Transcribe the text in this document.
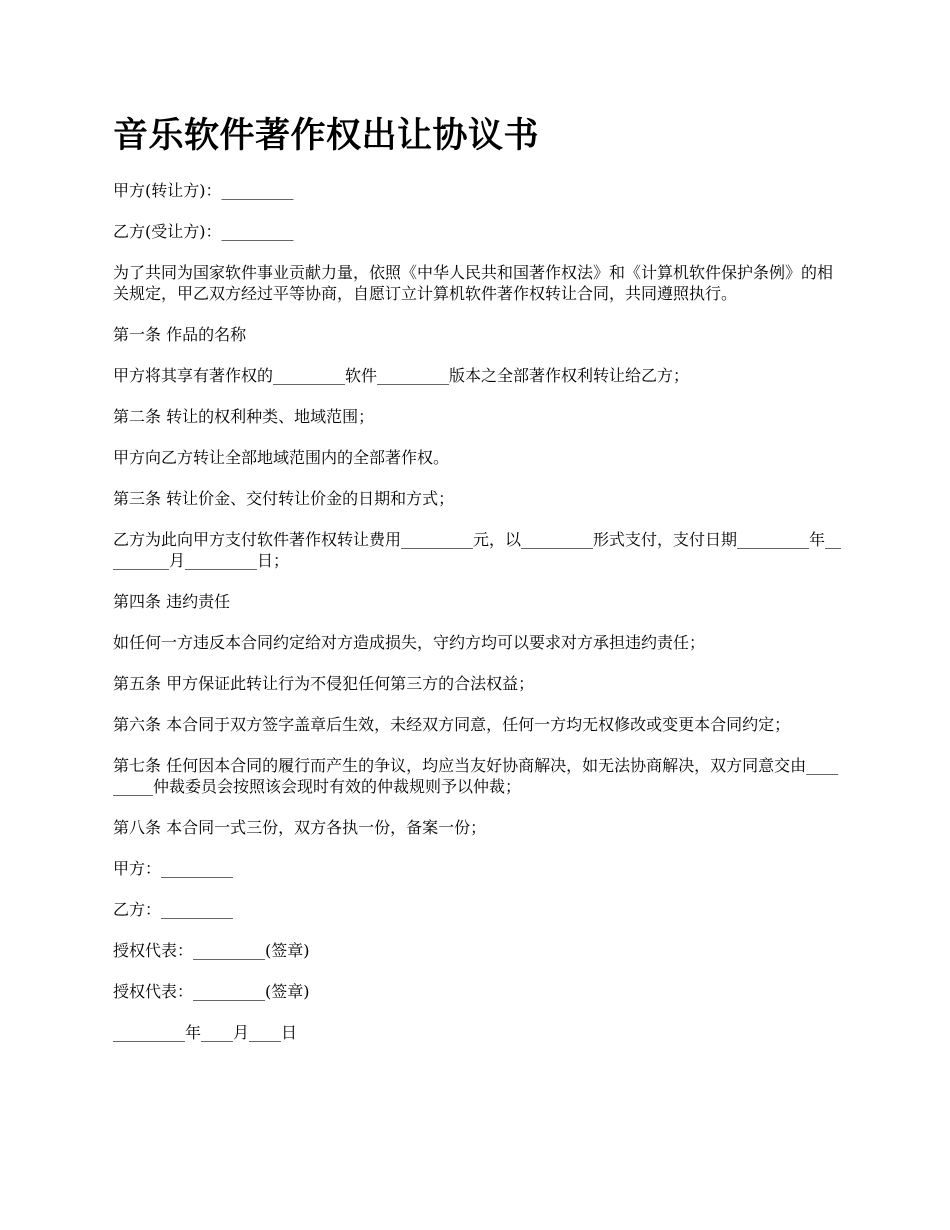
音乐软件著作权出让协议书

甲方(转让方)：_________

乙方(受让方)：_________

为了共同为国家软件事业贡献力量，依照《中华人民共和国著作权法》和《计算机软件保护条例》的相关规定，甲乙双方经过平等协商，自愿订立计算机软件著作权转让合同，共同遵照执行。

第一条 作品的名称

甲方将其享有著作权的_________软件_________版本之全部著作权利转让给乙方；

第二条 转让的权利种类、地域范围；

甲方向乙方转让全部地域范围内的全部著作权。

第三条 转让价金、交付转让价金的日期和方式；

乙方为此向甲方支付软件著作权转让费用_________元，以_________形式支付，支付日期_________年_________月_________日；

第四条 违约责任

如任何一方违反本合同约定给对方造成损失，守约方均可以要求对方承担违约责任；

第五条 甲方保证此转让行为不侵犯任何第三方的合法权益；

第六条 本合同于双方签字盖章后生效，未经双方同意，任何一方均无权修改或变更本合同约定；

第七条 任何因本合同的履行而产生的争议，均应当友好协商解决，如无法协商解决，双方同意交由_________仲裁委员会按照该会现时有效的仲裁规则予以仲裁；

第八条 本合同一式三份，双方各执一份，备案一份；

甲方：_________

乙方：_________

授权代表：_________(签章)

授权代表：_________(签章)

_________年____月____日
